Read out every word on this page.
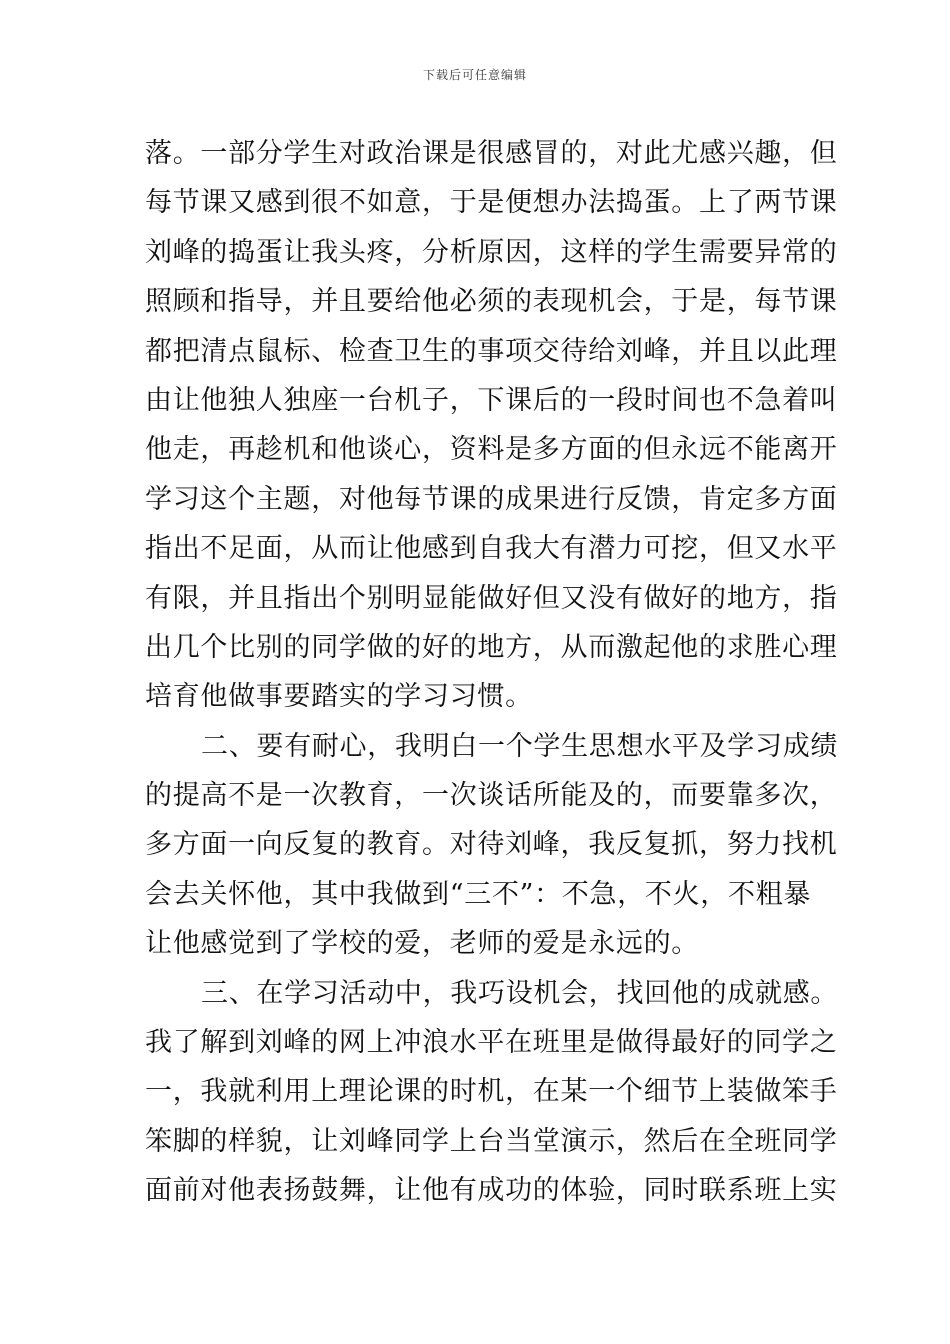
下载后可任意编辑
落。一部分学生对政治课是很感冒的，对此尤感兴趣，但
每节课又感到很不如意，于是便想办法捣蛋。上了两节课
刘峰的捣蛋让我头疼，分析原因，这样的学生需要异常的
照顾和指导，并且要给他必须的表现机会，于是，每节课
都把清点鼠标、检查卫生的事项交待给刘峰，并且以此理
由让他独人独座一台机子，下课后的一段时间也不急着叫
他走，再趁机和他谈心，资料是多方面的但永远不能离开
学习这个主题，对他每节课的成果进行反馈，肯定多方面
指出不足面，从而让他感到自我大有潜力可挖，但又水平
有限，并且指出个别明显能做好但又没有做好的地方，指
出几个比别的同学做的好的地方，从而激起他的求胜心理
培育他做事要踏实的学习习惯。
二、要有耐心，我明白一个学生思想水平及学习成绩
的提高不是一次教育，一次谈话所能及的，而要靠多次，
多方面一向反复的教育。对待刘峰，我反复抓，努力找机
会去关怀他，其中我做到“三不”：不急，不火，不粗暴
让他感觉到了学校的爱，老师的爱是永远的。
三、在学习活动中，我巧设机会，找回他的成就感。
我了解到刘峰的网上冲浪水平在班里是做得最好的同学之
一，我就利用上理论课的时机，在某一个细节上装做笨手
笨脚的样貌，让刘峰同学上台当堂演示，然后在全班同学
面前对他表扬鼓舞，让他有成功的体验，同时联系班上实
